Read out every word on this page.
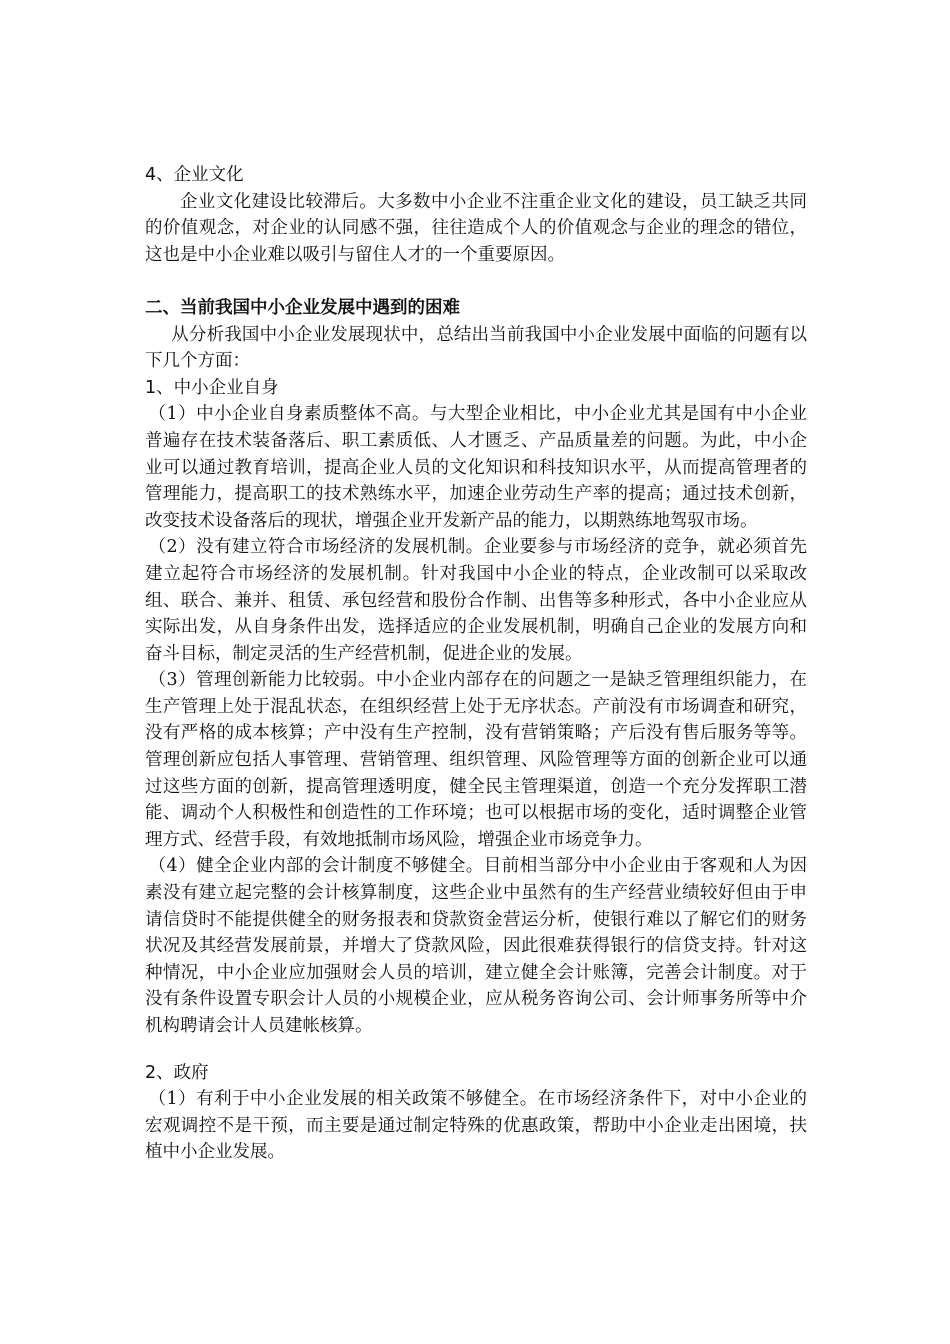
4、企业文化

企业文化建设比较滞后。大多数中小企业不注重企业文化的建设，员工缺乏共同的价值观念，对企业的认同感不强，往往造成个人的价值观念与企业的理念的错位，这也是中小企业难以吸引与留住人才的一个重要原因。

二、当前我国中小企业发展中遇到的困难

从分析我国中小企业发展现状中，总结出当前我国中小企业发展中面临的问题有以下几个方面：

1、中小企业自身

（1）中小企业自身素质整体不高。与大型企业相比，中小企业尤其是国有中小企业普遍存在技术装备落后、职工素质低、人才匮乏、产品质量差的问题。为此，中小企业可以通过教育培训，提高企业人员的文化知识和科技知识水平，从而提高管理者的管理能力，提高职工的技术熟练水平，加速企业劳动生产率的提高；通过技术创新，改变技术设备落后的现状，增强企业开发新产品的能力，以期熟练地驾驭市场。

（2）没有建立符合市场经济的发展机制。企业要参与市场经济的竞争，就必须首先建立起符合市场经济的发展机制。针对我国中小企业的特点，企业改制可以采取改组、联合、兼并、租赁、承包经营和股份合作制、出售等多种形式，各中小企业应从实际出发，从自身条件出发，选择适应的企业发展机制，明确自己企业的发展方向和奋斗目标，制定灵活的生产经营机制，促进企业的发展。

（3）管理创新能力比较弱。中小企业内部存在的问题之一是缺乏管理组织能力，在生产管理上处于混乱状态，在组织经营上处于无序状态。产前没有市场调查和研究，没有严格的成本核算；产中没有生产控制，没有营销策略；产后没有售后服务等等。管理创新应包括人事管理、营销管理、组织管理、风险管理等方面的创新企业可以通过这些方面的创新，提高管理透明度，健全民主管理渠道，创造一个充分发挥职工潜能、调动个人积极性和创造性的工作环境；也可以根据市场的变化，适时调整企业管理方式、经营手段，有效地抵制市场风险，增强企业市场竞争力。

（4）健全企业内部的会计制度不够健全。目前相当部分中小企业由于客观和人为因素没有建立起完整的会计核算制度，这些企业中虽然有的生产经营业绩较好但由于申请信贷时不能提供健全的财务报表和贷款资金营运分析，使银行难以了解它们的财务状况及其经营发展前景，并增大了贷款风险，因此很难获得银行的信贷支持。针对这种情况，中小企业应加强财会人员的培训，建立健全会计账簿，完善会计制度。对于没有条件设置专职会计人员的小规模企业，应从税务咨询公司、会计师事务所等中介机构聘请会计人员建帐核算。

2、政府

（1）有利于中小企业发展的相关政策不够健全。在市场经济条件下，对中小企业的宏观调控不是干预，而主要是通过制定特殊的优惠政策，帮助中小企业走出困境，扶植中小企业发展。
